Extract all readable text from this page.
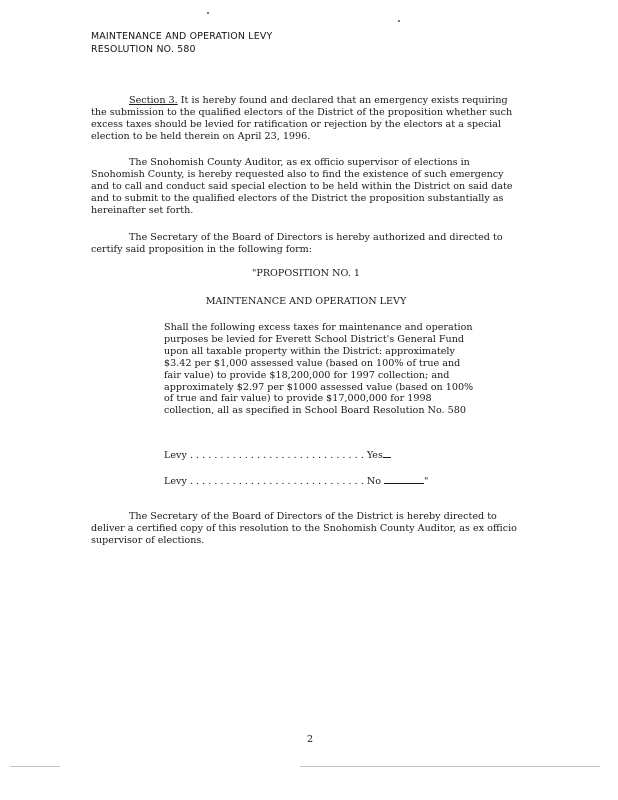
MAINTENANCE AND OPERATION LEVY
RESOLUTION NO. 580

Section 3. It is hereby found and declared that an emergency exists requiring the submission to the qualified electors of the District of the proposition whether such excess taxes should be levied for ratification or rejection by the electors at a special election to be held therein on April 23, 1996.

The Snohomish County Auditor, as ex officio supervisor of elections in Snohomish County, is hereby requested also to find the existence of such emergency and to call and conduct said special election to be held within the District on said date and to submit to the qualified electors of the District the proposition substantially as hereinafter set forth.

The Secretary of the Board of Directors is hereby authorized and directed to certify said proposition in the following form:

"PROPOSITION NO. 1

MAINTENANCE AND OPERATION LEVY

Shall the following excess taxes for maintenance and operation purposes be levied for Everett School District's General Fund upon all taxable property within the District: approximately $3.42 per $1,000 assessed value (based on 100% of true and fair value) to provide $18,200,000 for 1997 collection; and approximately $2.97 per $1000 assessed value (based on 100% of true and fair value) to provide $17,000,000 for 1998 collection, all as specified in School Board Resolution No. 580

Levy . . . . . . . . . . . . . . . . . . . . . . . . . . . . . Yes

Levy . . . . . . . . . . . . . . . . . . . . . . . . . . . . . No	"

The Secretary of the Board of Directors of the District is hereby directed to deliver a certified copy of this resolution to the Snohomish County Auditor, as ex officio supervisor of elections.

2
